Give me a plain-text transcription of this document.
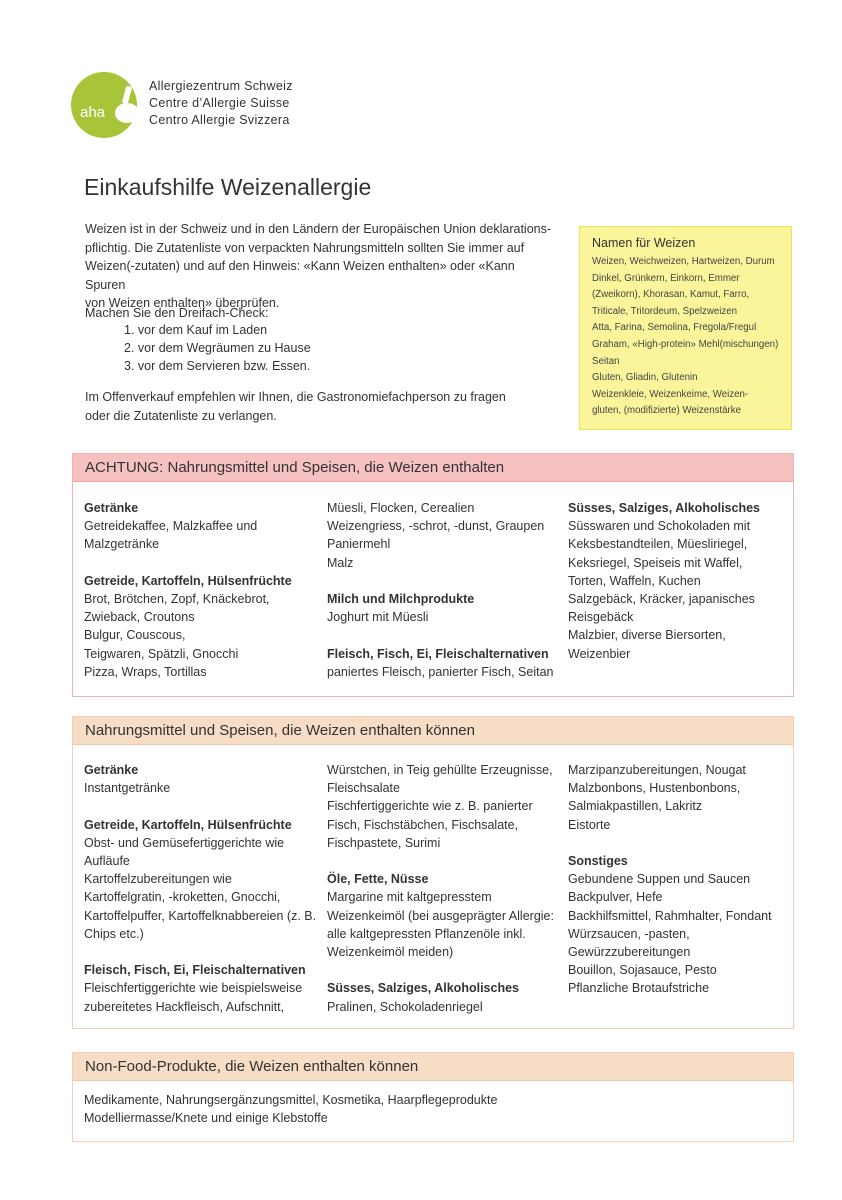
aha
Allergiezentrum Schweiz
Centre d’Allergie Suisse
Centro Allergie Svizzera
Einkaufshilfe Weizenallergie
Weizen ist in der Schweiz und in den Ländern der Europäischen Union deklarations-
pflichtig. Die Zutatenliste von verpackten Nahrungsmitteln sollten Sie immer auf
Weizen(-zutaten) und auf den Hinweis: «Kann Weizen enthalten» oder «Kann Spuren
von Weizen enthalten» überprüfen.
Machen Sie den Dreifach-Check:
1. vor dem Kauf im Laden
2. vor dem Wegräumen zu Hause
3. vor dem Servieren bzw. Essen.
Im Offenverkauf empfehlen wir Ihnen, die Gastronomiefachperson zu fragen
oder die Zutatenliste zu verlangen.
Namen für Weizen
Weizen, Weichweizen, Hartweizen, Durum
Dinkel, Grünkern, Einkorn, Emmer
(Zweikorn), Khorasan, Kamut, Farro,
Triticale, Tritordeum, Spelzweizen
Atta, Farina, Semolina, Fregola/Fregul
Graham, «High-protein» Mehl(mischungen)
Seitan
Gluten, Gliadin, Glutenin
Weizenkleie, Weizenkeime, Weizen-
gluten, (modifizierte) Weizenstärke
ACHTUNG: Nahrungsmittel und Speisen, die Weizen enthalten
Getränke
Getreidekaffee, Malzkaffee und
Malzgetränke
Getreide, Kartoffeln, Hülsenfrüchte
Brot, Brötchen, Zopf, Knäckebrot,
Zwieback, Croutons
Bulgur, Couscous,
Teigwaren, Spätzli, Gnocchi
Pizza, Wraps, Tortillas
Müesli, Flocken, Cerealien
Weizengriess, -schrot, -dunst, Graupen
Paniermehl
Malz
Milch und Milchprodukte
Joghurt mit Müesli
Fleisch, Fisch, Ei, Fleischalternativen
paniertes Fleisch, panierter Fisch, Seitan
Süsses, Salziges, Alkoholisches
Süsswaren und Schokoladen mit
Keksbestandteilen, Müesliriegel,
Keksriegel, Speiseis mit Waffel,
Torten, Waffeln, Kuchen
Salzgebäck, Kräcker, japanisches
Reisgebäck
Malzbier, diverse Biersorten,
Weizenbier
Nahrungsmittel und Speisen, die Weizen enthalten können
Getränke
Instantgetränke
Getreide, Kartoffeln, Hülsenfrüchte
Obst- und Gemüsefertiggerichte wie
Aufläufe
Kartoffelzubereitungen wie
Kartoffelgratin, -kroketten, Gnocchi,
Kartoffelpuffer, Kartoffelknabbereien (z. B.
Chips etc.)
Fleisch, Fisch, Ei, Fleischalternativen
Fleischfertiggerichte wie beispielsweise
zubereitetes Hackfleisch, Aufschnitt,
Würstchen, in Teig gehüllte Erzeugnisse,
Fleischsalate
Fischfertiggerichte wie z. B. panierter
Fisch, Fischstäbchen, Fischsalate,
Fischpastete, Surimi
Öle, Fette, Nüsse
Margarine mit kaltgepresstem
Weizenkeimöl (bei ausgeprägter Allergie:
alle kaltgepressten Pflanzenöle inkl.
Weizenkeimöl meiden)
Süsses, Salziges, Alkoholisches
Pralinen, Schokoladenriegel
Marzipanzubereitungen, Nougat
Malzbonbons, Hustenbonbons,
Salmiakpastillen, Lakritz
Eistorte
Sonstiges
Gebundene Suppen und Saucen
Backpulver, Hefe
Backhilfsmittel, Rahmhalter, Fondant
Würzsaucen, -pasten,
Gewürzzubereitungen
Bouillon, Sojasauce, Pesto
Pflanzliche Brotaufstriche
Non-Food-Produkte, die Weizen enthalten können
Medikamente, Nahrungsergänzungsmittel, Kosmetika, Haarpflegeprodukte
Modelliermasse/Knete und einige Klebstoffe
